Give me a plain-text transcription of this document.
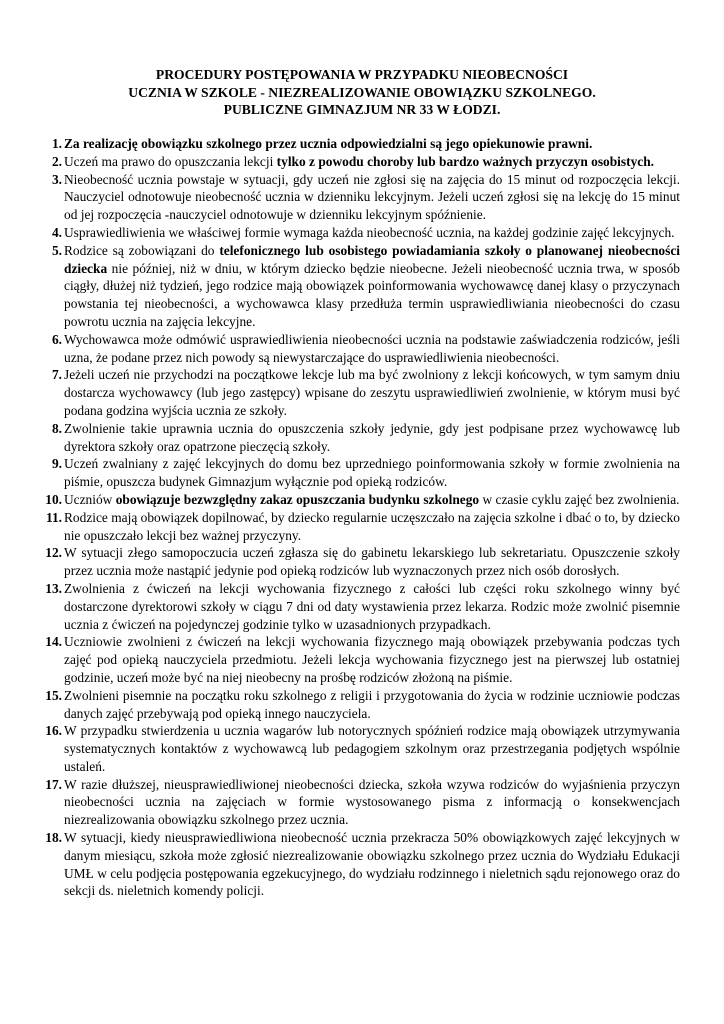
PROCEDURY POSTĘPOWANIA W PRZYPADKU NIEOBECNOŚCI
UCZNIA W SZKOLE - NIEZREALIZOWANIE OBOWIĄZKU SZKOLNEGO.
PUBLICZNE GIMNAZJUM NR 33 W ŁODZI.
1. Za realizację obowiązku szkolnego przez ucznia odpowiedzialni są jego opiekunowie prawni.
2. Uczeń ma prawo do opuszczania lekcji tylko z powodu choroby lub bardzo ważnych przyczyn osobistych.
3. Nieobecność ucznia powstaje w sytuacji, gdy uczeń nie zgłosi się na zajęcia do 15 minut od rozpoczęcia lekcji. Nauczyciel odnotowuje nieobecność ucznia w dzienniku lekcyjnym. Jeżeli uczeń zgłosi się na lekcję do 15 minut od jej rozpoczęcia -nauczyciel odnotowuje w dzienniku lekcyjnym spóźnienie.
4. Usprawiedliwienia we właściwej formie wymaga każda nieobecność ucznia, na każdej godzinie zajęć lekcyjnych.
5. Rodzice są zobowiązani do telefonicznego lub osobistego powiadamiania szkoły o planowanej nieobecności dziecka nie później, niż w dniu, w którym dziecko będzie nieobecne. Jeżeli nieobecność ucznia trwa, w sposób ciągły, dłużej niż tydzień, jego rodzice mają obowiązek poinformowania wychowawcę danej klasy o przyczynach powstania tej nieobecności, a wychowawca klasy przedłuża termin usprawiedliwiania nieobecności do czasu powrotu ucznia na zajęcia lekcyjne.
6. Wychowawca może odmówić usprawiedliwienia nieobecności ucznia na podstawie zaświadczenia rodziców, jeśli uzna, że podane przez nich powody są niewystarczające do usprawiedliwienia nieobecności.
7. Jeżeli uczeń nie przychodzi na początkowe lekcje lub ma być zwolniony z lekcji końcowych, w tym samym dniu dostarcza wychowawcy (lub jego zastępcy) wpisane do zeszytu usprawiedliwień zwolnienie, w którym musi być podana godzina wyjścia ucznia ze szkoły.
8. Zwolnienie takie uprawnia ucznia do opuszczenia szkoły jedynie, gdy jest podpisane przez wychowawcę lub dyrektora szkoły oraz opatrzone pieczęcią szkoły.
9. Uczeń zwalniany z zajęć lekcyjnych do domu bez uprzedniego poinformowania szkoły w formie zwolnienia na piśmie, opuszcza budynek Gimnazjum wyłącznie pod opieką rodziców.
10. Uczniów obowiązuje bezwzględny zakaz opuszczania budynku szkolnego w czasie cyklu zajęć bez zwolnienia.
11. Rodzice mają obowiązek dopilnować, by dziecko regularnie uczęszczało na zajęcia szkolne i dbać o to, by dziecko nie opuszczało lekcji bez ważnej przyczyny.
12. W sytuacji złego samopoczucia uczeń zgłasza się do gabinetu lekarskiego lub sekretariatu. Opuszczenie szkoły przez ucznia może nastąpić jedynie pod opieką rodziców lub wyznaczonych przez nich osób dorosłych.
13. Zwolnienia z ćwiczeń na lekcji wychowania fizycznego z całości lub części roku szkolnego winny być dostarczone dyrektorowi szkoły w ciągu 7 dni od daty wystawienia przez lekarza. Rodzic może zwolnić pisemnie ucznia z ćwiczeń na pojedynczej godzinie tylko w uzasadnionych przypadkach.
14. Uczniowie zwolnieni z ćwiczeń na lekcji wychowania fizycznego mają obowiązek przebywania podczas tych zajęć pod opieką nauczyciela przedmiotu. Jeżeli lekcja wychowania fizycznego jest na pierwszej lub ostatniej godzinie, uczeń może być na niej nieobecny na prośbę rodziców złożoną na piśmie.
15. Zwolnieni pisemnie na początku roku szkolnego z religii i przygotowania do życia w rodzinie uczniowie podczas danych zajęć przebywają pod opieką innego nauczyciela.
16. W przypadku stwierdzenia u ucznia wagarów lub notorycznych spóźnień rodzice mają obowiązek utrzymywania systematycznych kontaktów z wychowawcą lub pedagogiem szkolnym oraz przestrzegania podjętych wspólnie ustaleń.
17. W razie dłuższej, nieusprawiedliwionej nieobecności dziecka, szkoła wzywa rodziców do wyjaśnienia przyczyn nieobecności ucznia na zajęciach w formie wystosowanego pisma z informacją o konsekwencjach niezrealizowania obowiązku szkolnego przez ucznia.
18. W sytuacji, kiedy nieusprawiedliwiona nieobecność ucznia przekracza 50% obowiązkowych zajęć lekcyjnych w danym miesiącu, szkoła może zgłosić niezrealizowanie obowiązku szkolnego przez ucznia do Wydziału Edukacji UMŁ w celu podjęcia postępowania egzekucyjnego, do wydziału rodzinnego i nieletnich sądu rejonowego oraz do sekcji ds. nieletnich komendy policji.
